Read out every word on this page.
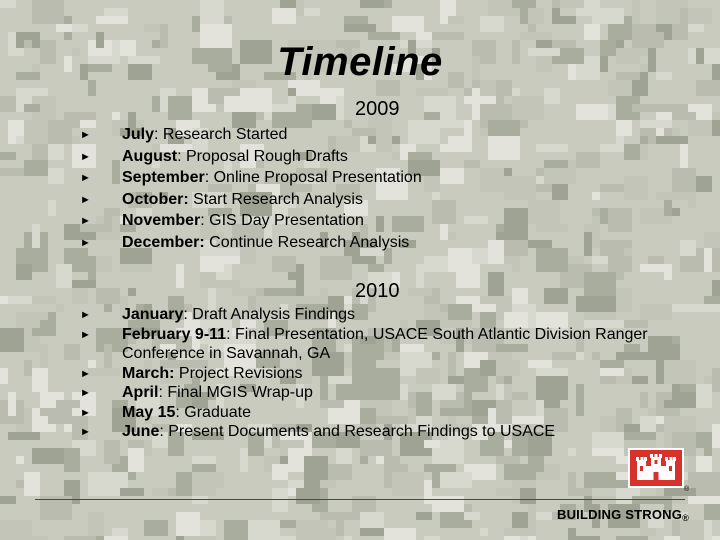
Timeline
2009
► July: Research Started
► August: Proposal Rough Drafts
► September: Online Proposal Presentation
► October: Start Research Analysis
► November: GIS Day Presentation
► December: Continue Research Analysis
2010
► January: Draft Analysis Findings
► February 9-11: Final Presentation, USACE South Atlantic Division Ranger Conference in Savannah, GA
► March: Project Revisions
► April: Final MGIS Wrap-up
► May 15: Graduate
► June: Present Documents and Research Findings to USACE
®
BUILDING STRONG®
